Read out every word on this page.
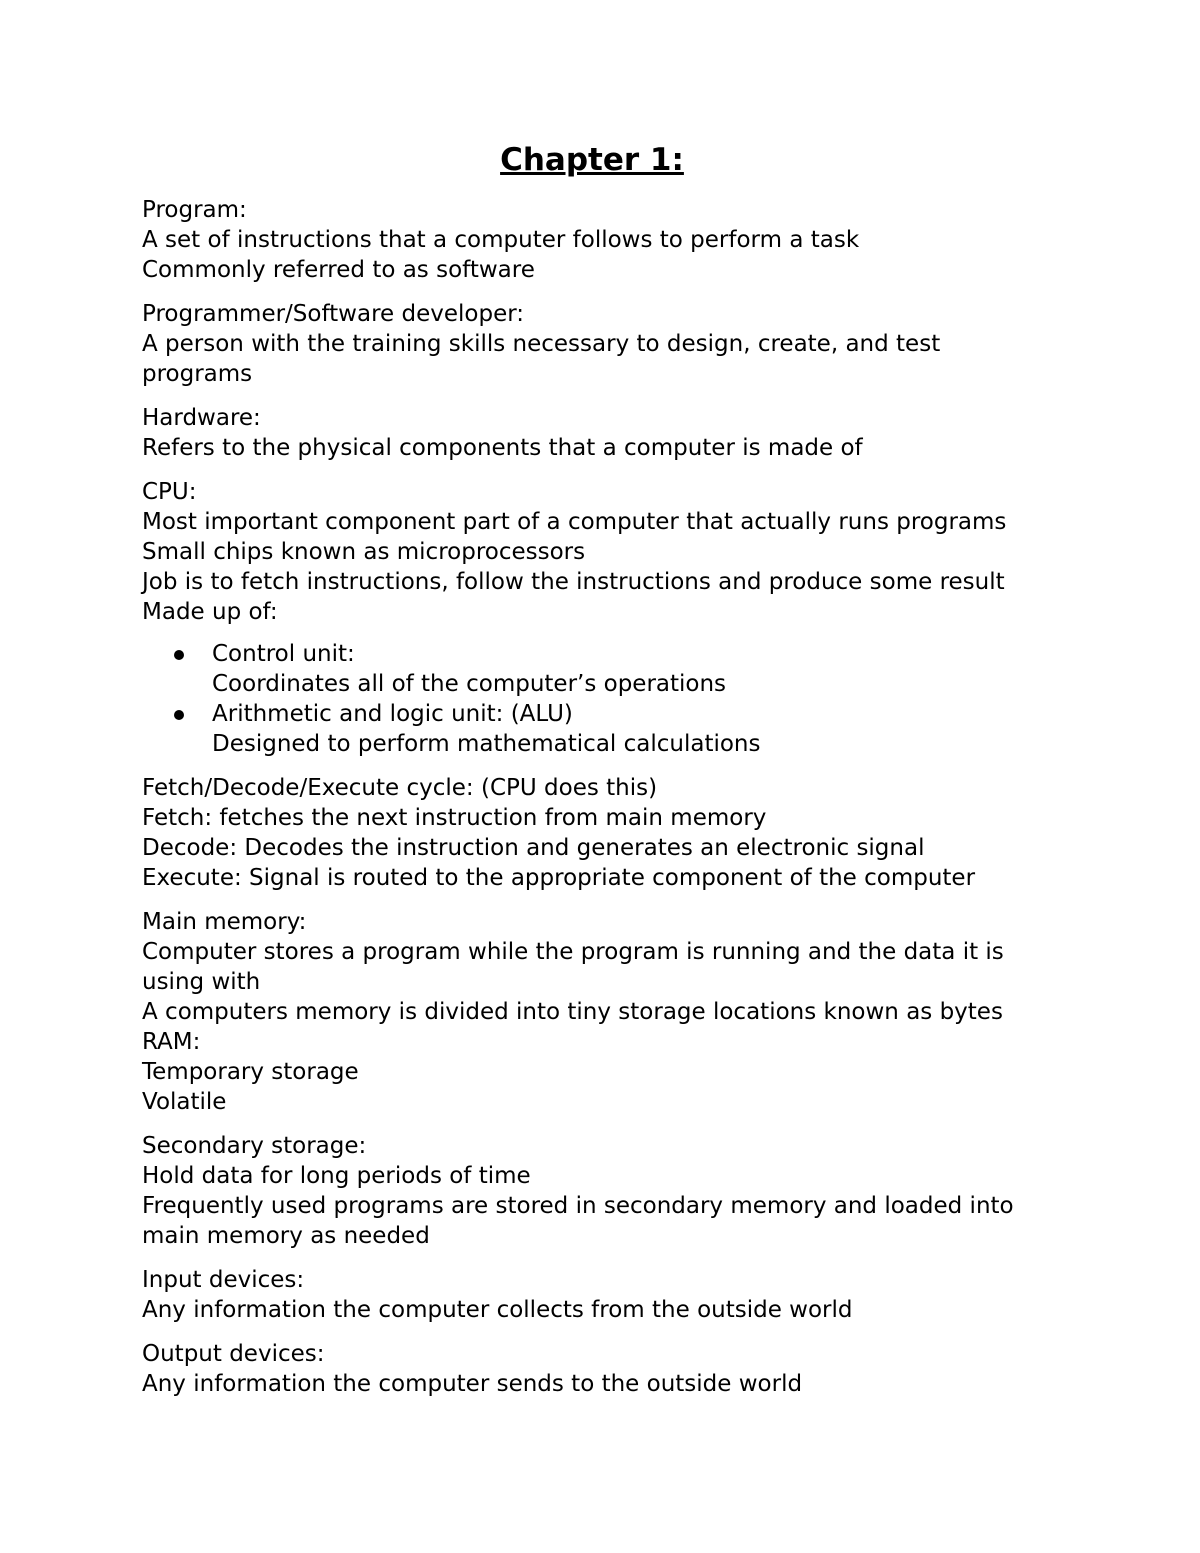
Chapter 1:
Program:
A set of instructions that a computer follows to perform a task
Commonly referred to as software
Programmer/Software developer:
A person with the training skills necessary to design, create, and test programs
Hardware:
Refers to the physical components that a computer is made of
CPU:
Most important component part of a computer that actually runs programs
Small chips known as microprocessors
Job is to fetch instructions, follow the instructions and produce some result
Made up of:
Control unit:
Coordinates all of the computer’s operations
Arithmetic and logic unit: (ALU)
Designed to perform mathematical calculations
Fetch/Decode/Execute cycle: (CPU does this)
Fetch: fetches the next instruction from main memory
Decode: Decodes the instruction and generates an electronic signal
Execute: Signal is routed to the appropriate component of the computer
Main memory:
Computer stores a program while the program is running and the data it is using with
A computers memory is divided into tiny storage locations known as bytes
RAM:
Temporary storage
Volatile
Secondary storage:
Hold data for long periods of time
Frequently used programs are stored in secondary memory and loaded into main memory as needed
Input devices:
Any information the computer collects from the outside world
Output devices:
Any information the computer sends to the outside world
